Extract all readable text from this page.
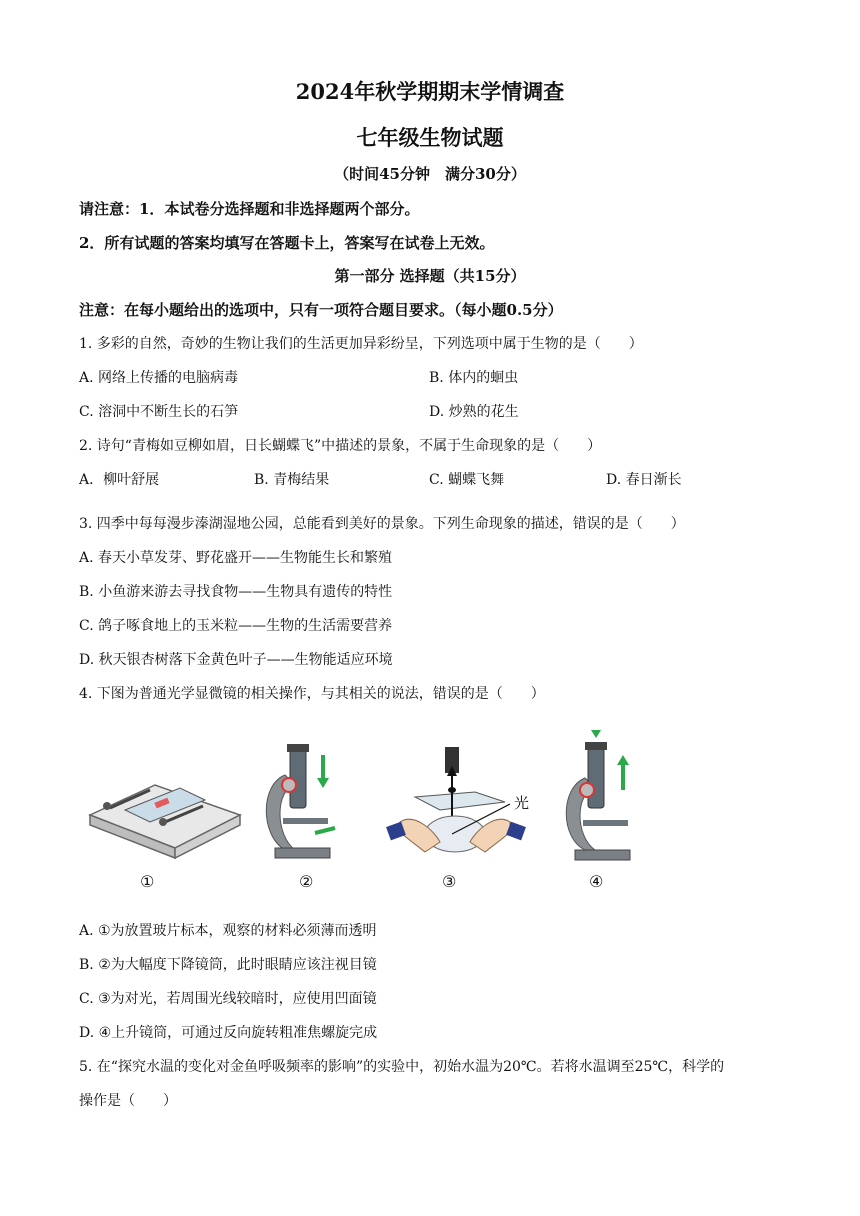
2024年秋学期期末学情调查
七年级生物试题
（时间45分钟　满分30分）
请注意：1．本试卷分选择题和非选择题两个部分。
2．所有试题的答案均填写在答题卡上，答案写在试卷上无效。
第一部分 选择题（共15分）
注意：在每小题给出的选项中，只有一项符合题目要求。（每小题0.5分）
1. 多彩的自然，奇妙的生物让我们的生活更加异彩纷呈，下列选项中属于生物的是（　　）
A. 网络上传播的电脑病毒	B. 体内的蛔虫
C. 溶洞中不断生长的石笋	D. 炒熟的花生
2. 诗句“青梅如豆柳如眉，日长蝴蝶飞”中描述的景象，不属于生命现象的是（　　）
A．柳叶舒展	B. 青梅结果	C. 蝴蝶飞舞	D. 春日渐长
3. 四季中每每漫步溱湖湿地公园，总能看到美好的景象。下列生命现象的描述，错误的是（　　）
A. 春天小草发芽、野花盛开——生物能生长和繁殖
B. 小鱼游来游去寻找食物——生物具有遗传的特性
C. 鸽子啄食地上的玉米粒——生物的生活需要营养
D. 秋天银杏树落下金黄色叶子——生物能适应环境
4. 下图为普通光学显微镜的相关操作，与其相关的说法，错误的是（　　）
①	②
光
③	④
A. ①为放置玻片标本，观察的材料必须薄而透明
B. ②为大幅度下降镜筒，此时眼睛应该注视目镜
C. ③为对光，若周围光线较暗时，应使用凹面镜
D. ④上升镜筒，可通过反向旋转粗准焦螺旋完成
5. 在“探究水温的变化对金鱼呼吸频率的影响”的实验中，初始水温为20℃。若将水温调至25℃，科学的
操作是（　　）
